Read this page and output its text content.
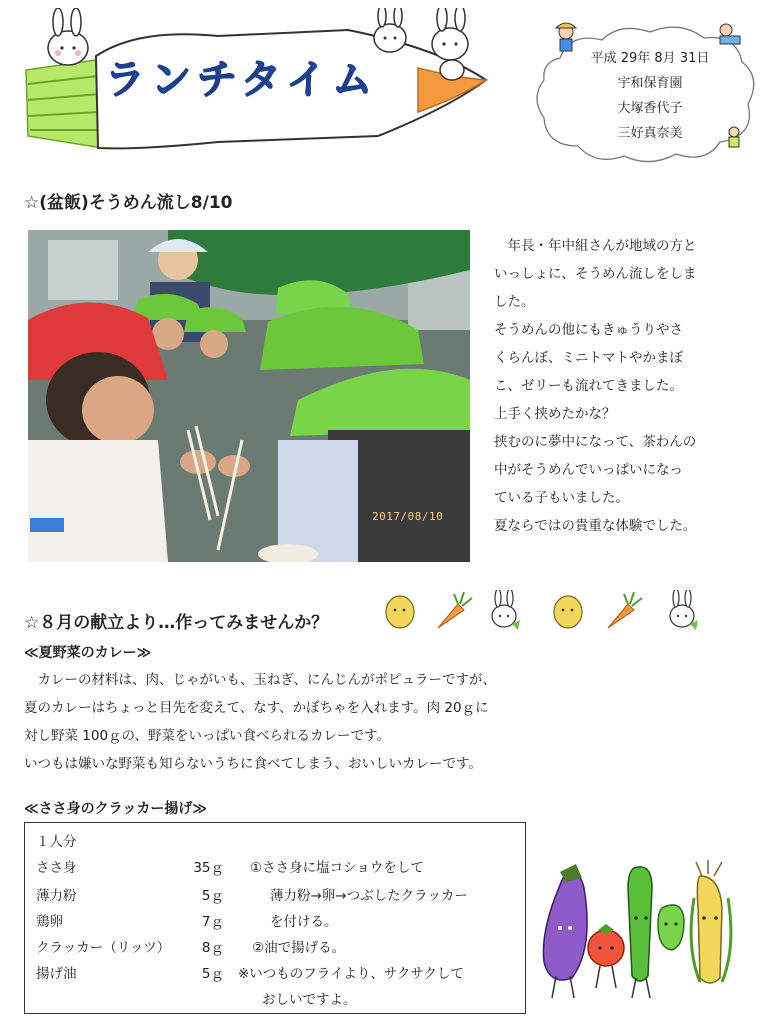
ランチタイム	平成 29年 8月 31日
宇和保育園
大塚香代子
三好真奈美
☆(盆飯)そうめん流し8/10
2017/08/10
　年長・年中組さんが地域の方と
いっしょに、そうめん流しをしま
した。
そうめんの他にもきゅうりやさ
くらんぼ、ミニトマトやかまぼ
こ、ゼリーも流れてきました。
上手く挟めたかな？
挟むのに夢中になって、茶わんの
中がそうめんでいっぱいになっ
ている子もいました。
夏ならではの貴重な体験でした。
☆８月の献立より…作ってみませんか？
≪夏野菜のカレー≫
　カレーの材料は、肉、じゃがいも、玉ねぎ、にんじんがポピュラーですが、
夏のカレーはちょっと目先を変えて、なす、かぼちゃを入れます。肉 20ｇに
対し野菜 100ｇの、野菜をいっぱい食べられるカレーです。
いつもは嫌いな野菜も知らないうちに食べてしまう、おいしいカレーです。
≪ささ身のクラッカー揚げ≫
１人分
ささ身	35ｇ
薄力粉	5ｇ
鶏卵	7ｇ
クラッカー（リッツ）	8ｇ
揚げ油	5ｇ
①ささ身に塩コショウをして
薄力粉→卵→つぶしたクラッカー
を付ける。
②油で揚げる。
※いつものフライより、サクサクして
おしいですよ。
